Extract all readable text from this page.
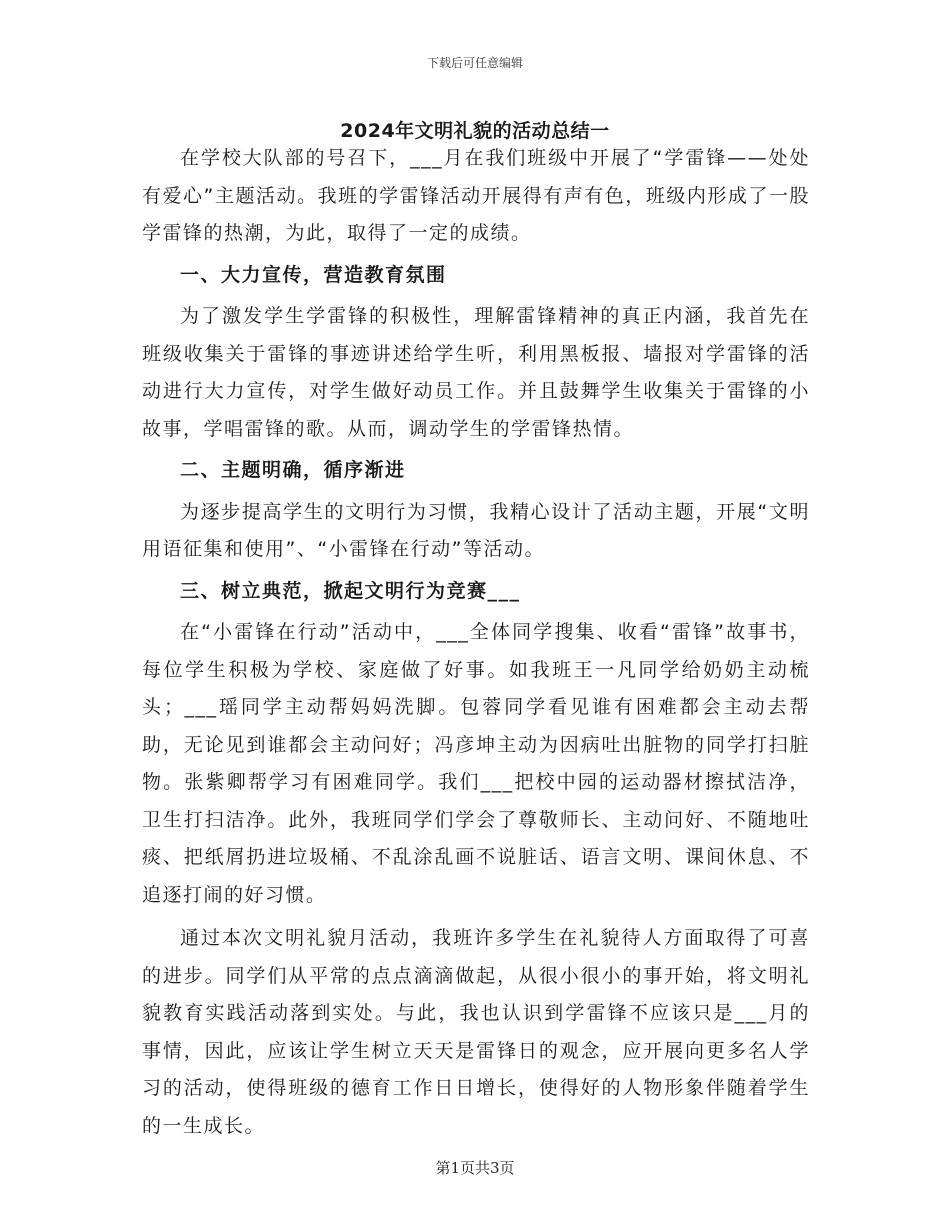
下载后可任意编辑
2024年文明礼貌的活动总结一

在学校大队部的号召下，___月在我们班级中开展了“学雷锋——处处有爱心”主题活动。我班的学雷锋活动开展得有声有色，班级内形成了一股学雷锋的热潮，为此，取得了一定的成绩。

一、大力宣传，营造教育氛围

为了激发学生学雷锋的积极性，理解雷锋精神的真正内涵，我首先在班级收集关于雷锋的事迹讲述给学生听，利用黑板报、墙报对学雷锋的活动进行大力宣传，对学生做好动员工作。并且鼓舞学生收集关于雷锋的小故事，学唱雷锋的歌。从而，调动学生的学雷锋热情。

二、主题明确，循序渐进

为逐步提高学生的文明行为习惯，我精心设计了活动主题，开展“文明用语征集和使用”、“小雷锋在行动”等活动。

三、树立典范，掀起文明行为竞赛___

在“小雷锋在行动”活动中，___全体同学搜集、收看“雷锋”故事书，每位学生积极为学校、家庭做了好事。如我班王一凡同学给奶奶主动梳头；___瑶同学主动帮妈妈洗脚。包蓉同学看见谁有困难都会主动去帮助，无论见到谁都会主动问好；冯彦坤主动为因病吐出脏物的同学打扫脏物。张紫卿帮学习有困难同学。我们___把校中园的运动器材擦拭洁净，卫生打扫洁净。此外，我班同学们学会了尊敬师长、主动问好、不随地吐痰、把纸屑扔进垃圾桶、不乱涂乱画不说脏话、语言文明、课间休息、不追逐打闹的好习惯。

通过本次文明礼貌月活动，我班许多学生在礼貌待人方面取得了可喜的进步。同学们从平常的点点滴滴做起，从很小很小的事开始，将文明礼貌教育实践活动落到实处。与此，我也认识到学雷锋不应该只是___月的事情，因此，应该让学生树立天天是雷锋日的观念，应开展向更多名人学习的活动，使得班级的德育工作日日增长，使得好的人物形象伴随着学生的一生成长。

第1页共3页
